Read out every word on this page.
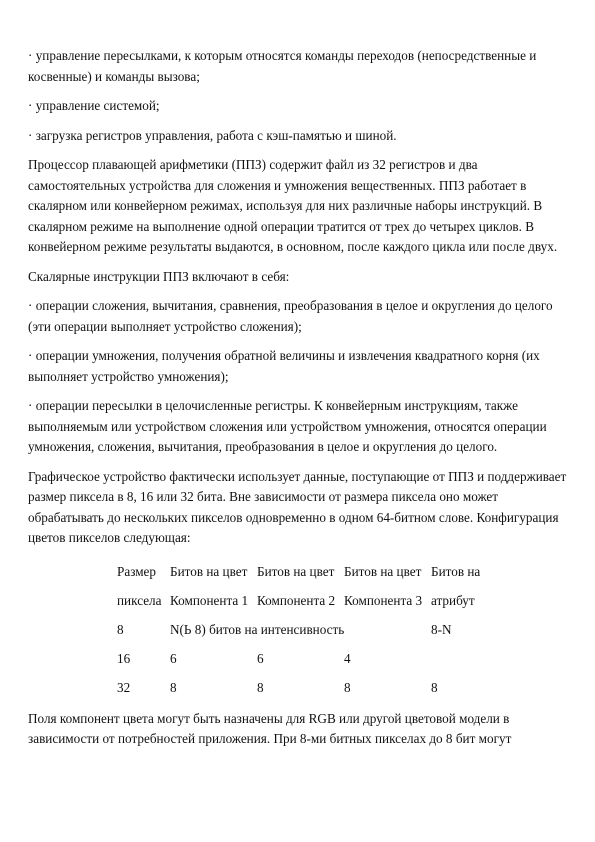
· управление пересылками, к которым относятся команды переходов (непосредственные и косвенные) и команды вызова;

· управление системой;

· загрузка регистров управления, работа с кэш-памятью и шиной.

Процессор плавающей арифметики (ППЗ) содержит файл из 32 регистров и два самостоятельных устройства для сложения и умножения вещественных. ППЗ работает в скалярном или конвейерном режимах, используя для них различные наборы инструкций. В скалярном режиме на выполнение одной операции тратится от трех до четырех циклов. В конвейерном режиме результаты выдаются, в основном, после каждого цикла или после двух.

Скалярные инструкции ППЗ включают в себя:

· операции сложения, вычитания, сравнения, преобразования в целое и округления до целого (эти операции выполняет устройство сложения);

· операции умножения, получения обратной величины и извлечения квадратного корня (их выполняет устройство умножения);

· операции пересылки в целочисленные регистры. К конвейерным инструкциям, также выполняемым или устройством сложения или устройством умножения, относятся операции умножения, сложения, вычитания, преобразования в целое и округления до целого.

Графическое устройство фактически использует данные, поступающие от ППЗ и поддерживает размер пиксела в 8, 16 или 32 бита. Вне зависимости от размера пиксела оно может обрабатывать до нескольких пикселов одновременно в одном 64-битном слове. Конфигурация цветов пикселов следующая:

Размер	Битов на цвет	Битов на цвет	Битов на цвет	Битов на
пиксела	Компонента 1	Компонента 2	Компонента 3	атрибут
8	N(Ь 8) битов на интенсивность			8-N
16	6	6	4	
32	8	8	8	8

Поля компонент цвета могут быть назначены для RGB или другой цветовой модели в зависимости от потребностей приложения. При 8-ми битных пикселах до 8 бит могут
